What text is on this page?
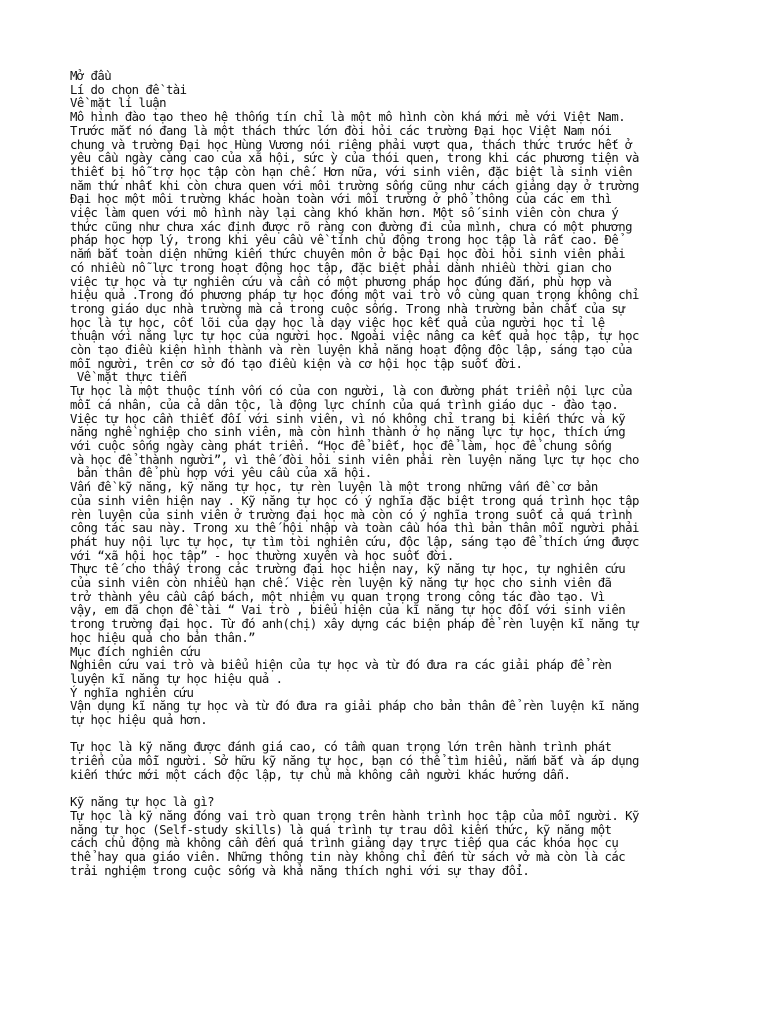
Mở đầu
Lí do chọn đề tài
Về mặt lí luận
Mô hình đào tạo theo hệ thống tín chỉ là một mô hình còn khá mới mẻ với Việt Nam.
Trước mắt nó đang là một thách thức lớn đòi hỏi các trường Đại học Việt Nam nói
chung và trường Đại học Hùng Vương nói riêng phải vượt qua, thách thức trước hết ở
yêu cầu ngày càng cao của xã hội, sức ỳ của thói quen, trong khi các phương tiện và
thiết bị hỗ trợ học tập còn hạn chế. Hơn nữa, với sinh viên, đặc biệt là sinh viên
năm thứ nhất khi còn chưa quen với môi trường sống cũng như cách giảng dạy ở trường
Đại học một môi trường khác hoàn toàn với môi trường ở phổ thông của các em thì
việc làm quen với mô hình này lại càng khó khăn hơn. Một số sinh viên còn chưa ý
thức cũng như chưa xác định được rõ ràng con đường đi của mình, chưa có một phương
pháp học hợp lý, trong khi yêu cầu về tính chủ động trong học tập là rất cao. Để
nắm bắt toàn diện những kiến thức chuyên môn ở bậc Đại học đòi hỏi sinh viên phải
có nhiều nỗ lực trong hoạt động học tập, đặc biệt phải dành nhiều thời gian cho
việc tự học và tự nghiên cứu và cần có một phương pháp học đúng đắn, phù hợp và
hiệu quả .Trong đó phương pháp tự học đóng một vai trò vô cùng quan trọng không chỉ
trong giáo dục nhà trường mà cả trong cuộc sống. Trong nhà trường bản chất của sự
học là tự học, cốt lõi của dạy học là dạy việc học kết quả của người học tỉ lệ
thuận với năng lực tự học của người học. Ngoài việc nâng ca kết quả học tập, tự học
còn tạo điều kiện hình thành và rèn luyện khả năng hoạt động độc lập, sáng tạo của
mỗi người, trên cơ sở đó tạo điều kiện và cơ hội học tập suốt đời.
Về mặt thực tiễn
Tự học là một thuộc tính vốn có của con người, là con đường phát triển nội lực của
mỗi cá nhân, của cả dân tộc, là động lực chính của quá trình giáo dục - đào tạo.
Việc tự học cần thiết đối với sinh viên, vì nó không chỉ trang bị kiến thức và kỹ
năng nghề nghiệp cho sinh viên, mà còn hình thành ở họ năng lực tự học, thích ứng
với cuộc sống ngày càng phát triển. “Học để biết, học để làm, học để chung sống
và học để thành người”, vì thế đòi hỏi sinh viên phải rèn luyện năng lực tự học cho
bản thân để phù hợp với yêu cầu của xã hội.
Vấn đề kỹ năng, kỹ năng tự học, tự rèn luyện là một trong những vấn đề cơ bản
của sinh viên hiện nay . Kỹ năng tự học có ý nghĩa đặc biệt trong quá trình học tập
rèn luyện của sinh viên ở trường đại học mà còn có ý nghĩa trong suốt cả quá trình
công tác sau này. Trong xu thế hội nhập và toàn cầu hóa thì bản thân mỗi người phải
phát huy nội lực tự học, tự tìm tòi nghiên cứu, độc lập, sáng tạo để thích ứng được
với “xã hội học tập” - học thường xuyên và học suốt đời.
Thực tế cho thấy trong các trường đại học hiện nay, kỹ năng tự học, tự nghiên cứu
của sinh viên còn nhiều hạn chế. Việc rèn luyện kỹ năng tự học cho sinh viên đã
trở thành yêu cầu cấp bách, một nhiệm vụ quan trọng trong công tác đào tạo. Vì
vậy, em đã chọn đề tài “ Vai trò , biểu hiện của kĩ năng tự học đối với sinh viên
trong trường đại học. Từ đó anh(chị) xây dựng các biện pháp để rèn luyện kĩ năng tự
học hiệu quả cho bản thân.”
Mục đích nghiên cứu
Nghiên cứu vai trò và biểu hiện của tự học và từ đó đưa ra các giải pháp để rèn
luyện kĩ năng tự học hiệu quả .
Ý nghĩa nghiên cứu
Vận dụng kĩ năng tự học và từ đó đưa ra giải pháp cho bản thân để rèn luyện kĩ năng
tự học hiệu quả hơn.
Tự học là kỹ năng được đánh giá cao, có tầm quan trọng lớn trên hành trình phát
triển của mỗi người. Sở hữu kỹ năng tự học, bạn có thể tìm hiểu, nắm bắt và áp dụng
kiến thức mới một cách độc lập, tự chủ mà không cần người khác hướng dẫn.
Kỹ năng tự học là gì?
Tự học là kỹ năng đóng vai trò quan trọng trên hành trình học tập của mỗi người. Kỹ
năng tự học (Self-study skills) là quá trình tự trau dồi kiến thức, kỹ năng một
cách chủ động mà không cần đến quá trình giảng dạy trực tiếp qua các khóa học cụ
thể hay qua giáo viên. Những thông tin này không chỉ đến từ sách vở mà còn là các
trải nghiệm trong cuộc sống và khả năng thích nghi với sự thay đổi.
